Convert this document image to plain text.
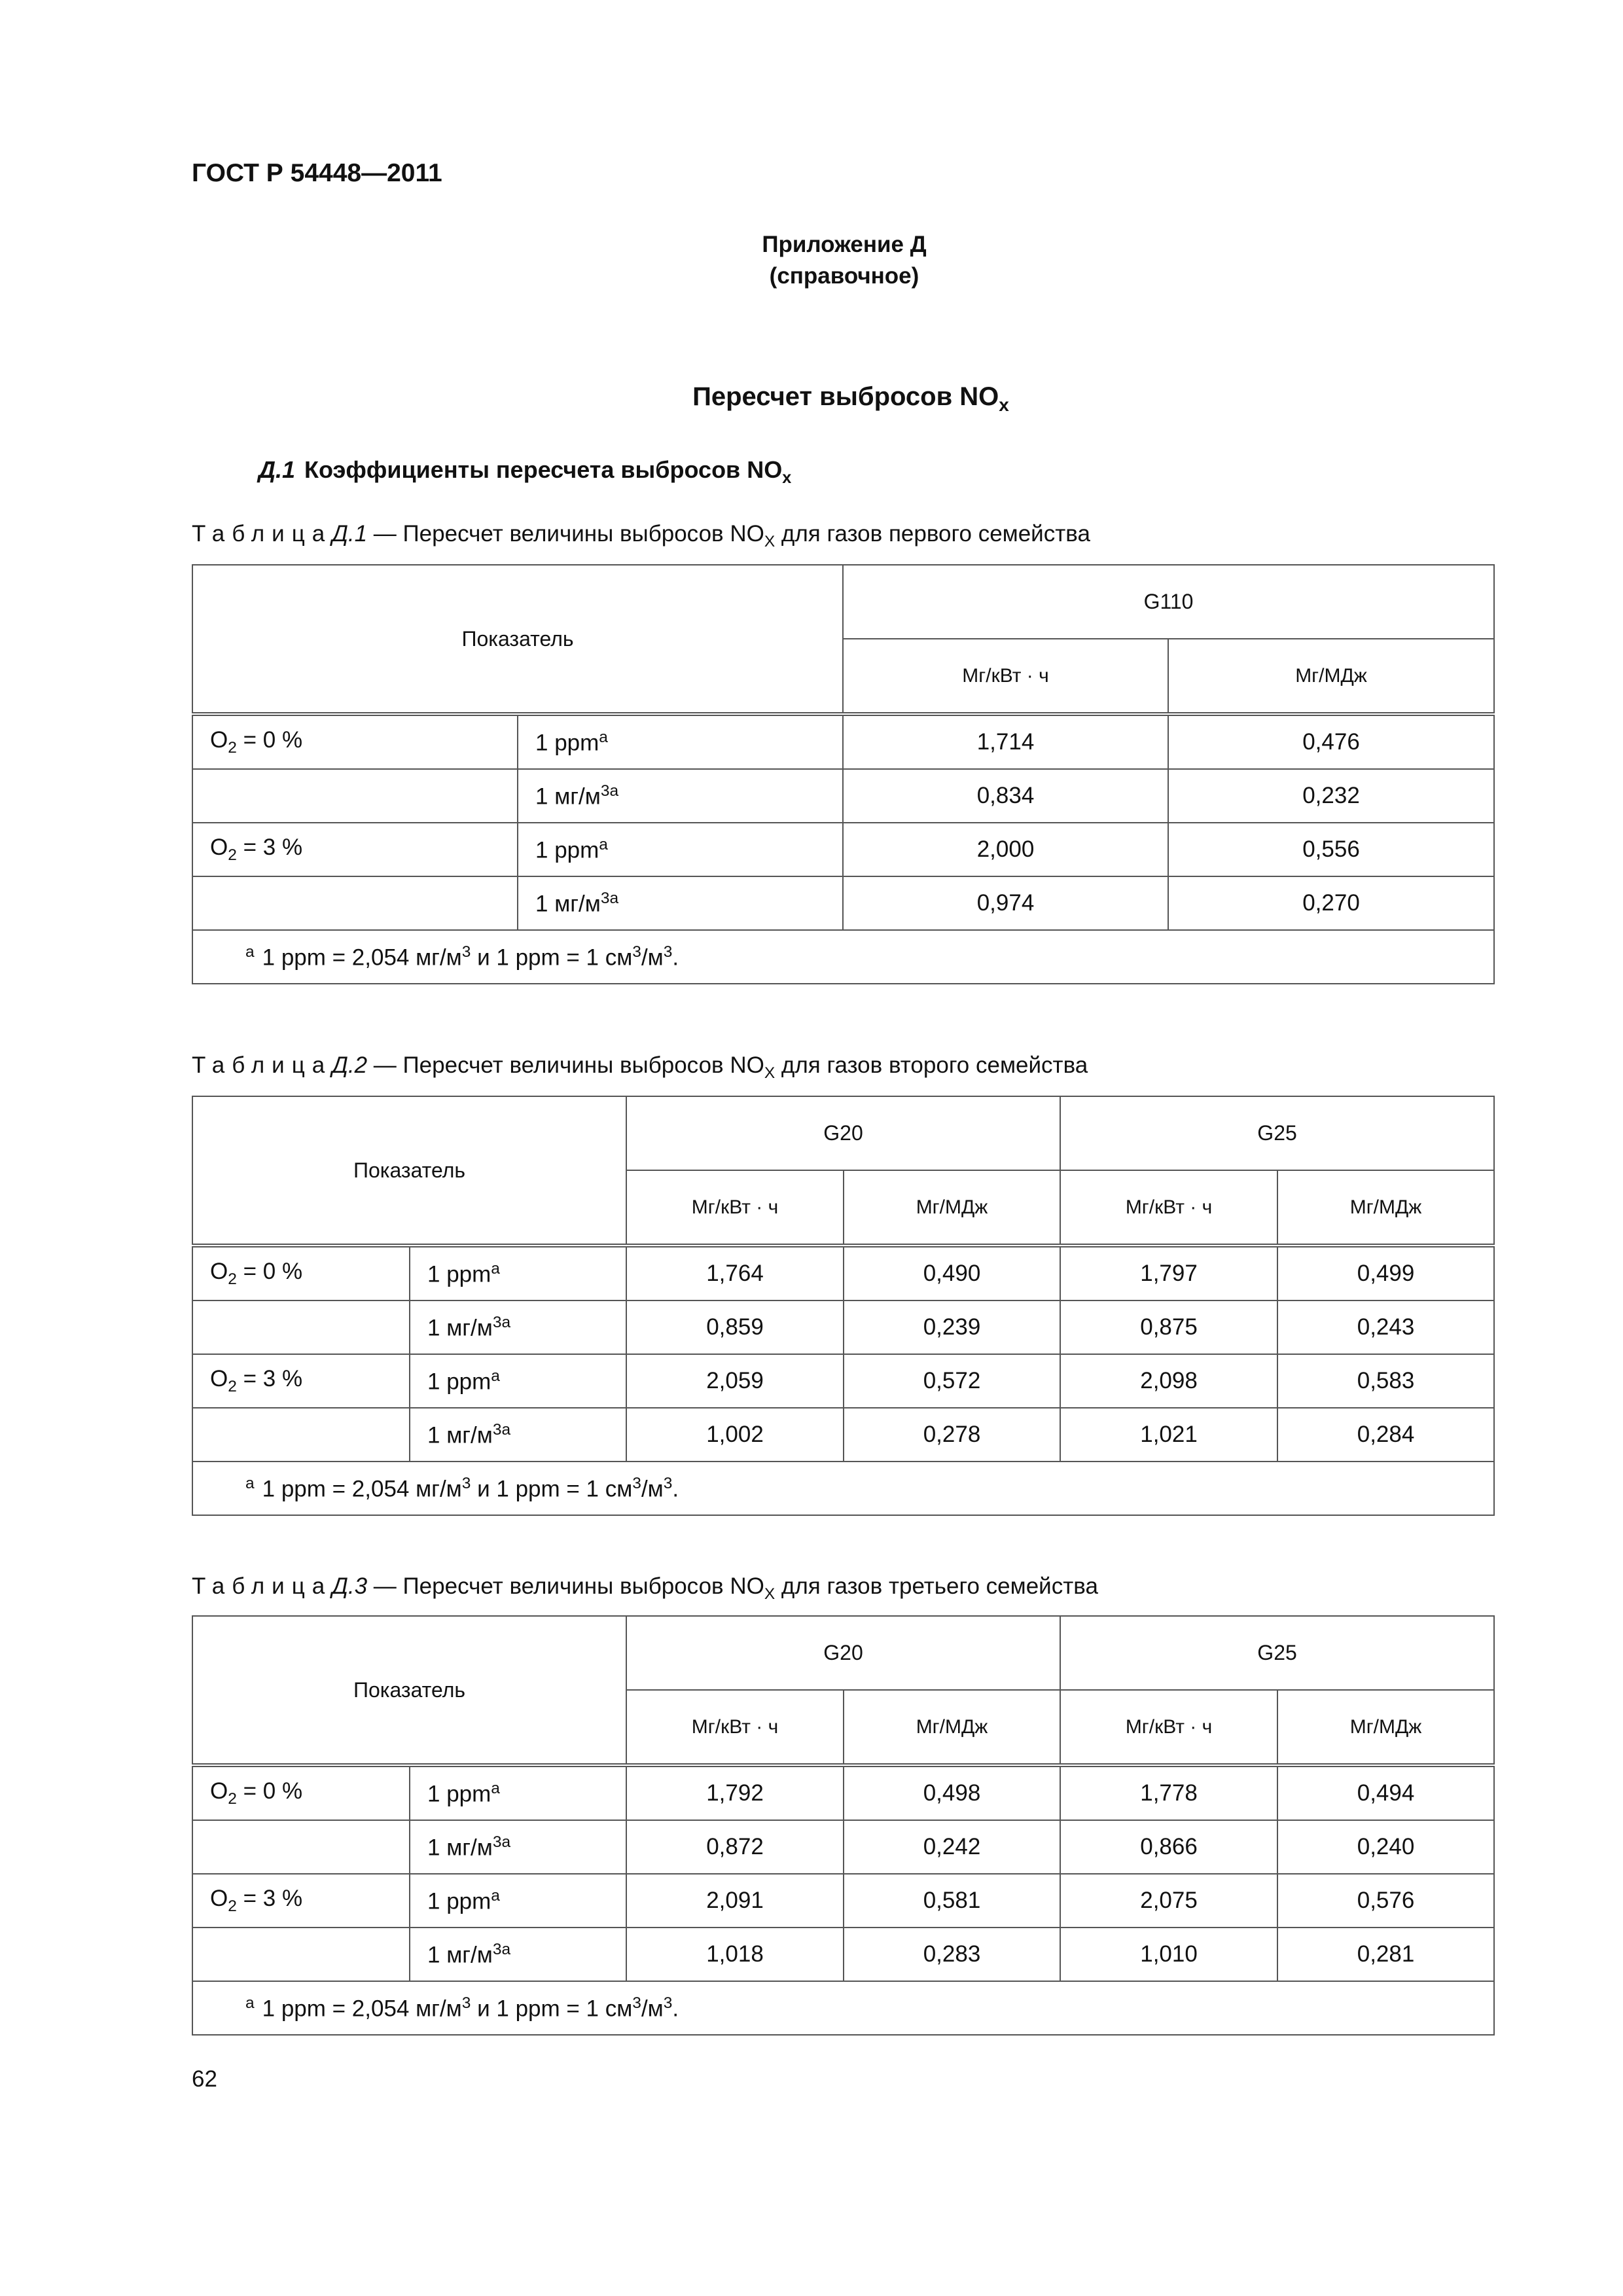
ГОСТ Р 54448—2011
Приложение Д
(справочное)
Пересчет выбросов $NO_x$
Д.1 Коэффициенты пересчета выбросов $NO_x$
ТаблицаД.1 — Пересчет величины выбросов $NO_X$ для газов первого семейства
Показатель		G110	
		Мг/кВт · ч	Мг/МДж
$O_2 = 0$ %	1 ppm$^a$	1,714	0,476
	1 $мг/м^{3a}$	0,834	0,232
$O_2 = 3$ %	1 ppm$^a$	2,000	0,556
	1 $мг/м^{3a}$	0,974	0,270
$^a$ 1 ppm = 2,054 $мг/м^3$ и 1 ppm = 1 $см^3/м^3$.			
ТаблицаД.2 — Пересчет величины выбросов $NO_X$ для газов второго семейства
Показатель		G20		G25	
		Мг/кВт · ч	Мг/МДж	Мг/кВт · ч	Мг/МДж
$O_2 = 0$ %	1 ppm$^a$	1,764	0,490	1,797	0,499
	1 $мг/м^{3a}$	0,859	0,239	0,875	0,243
$O_2 = 3$ %	1 ppm$^a$	2,059	0,572	2,098	0,583
	1 $мг/м^{3a}$	1,002	0,278	1,021	0,284
$^a$ 1 ppm = 2,054 $мг/м^3$ и 1 ppm = 1 $см^3/м^3$.					
ТаблицаД.3 — Пересчет величины выбросов $NO_X$ для газов третьего семейства
Показатель		G20		G25	
		Мг/кВт · ч	Мг/МДж	Мг/кВт · ч	Мг/МДж
$O_2 = 0$ %	1 ppm$^a$	1,792	0,498	1,778	0,494
	1 $мг/м^{3a}$	0,872	0,242	0,866	0,240
$O_2 = 3$ %	1 ppm$^a$	2,091	0,581	2,075	0,576
	1 $мг/м^{3a}$	1,018	0,283	1,010	0,281
$^a$ 1 ppm = 2,054 $мг/м^3$ и 1 ppm = 1 $см^3/м^3$.					
62
